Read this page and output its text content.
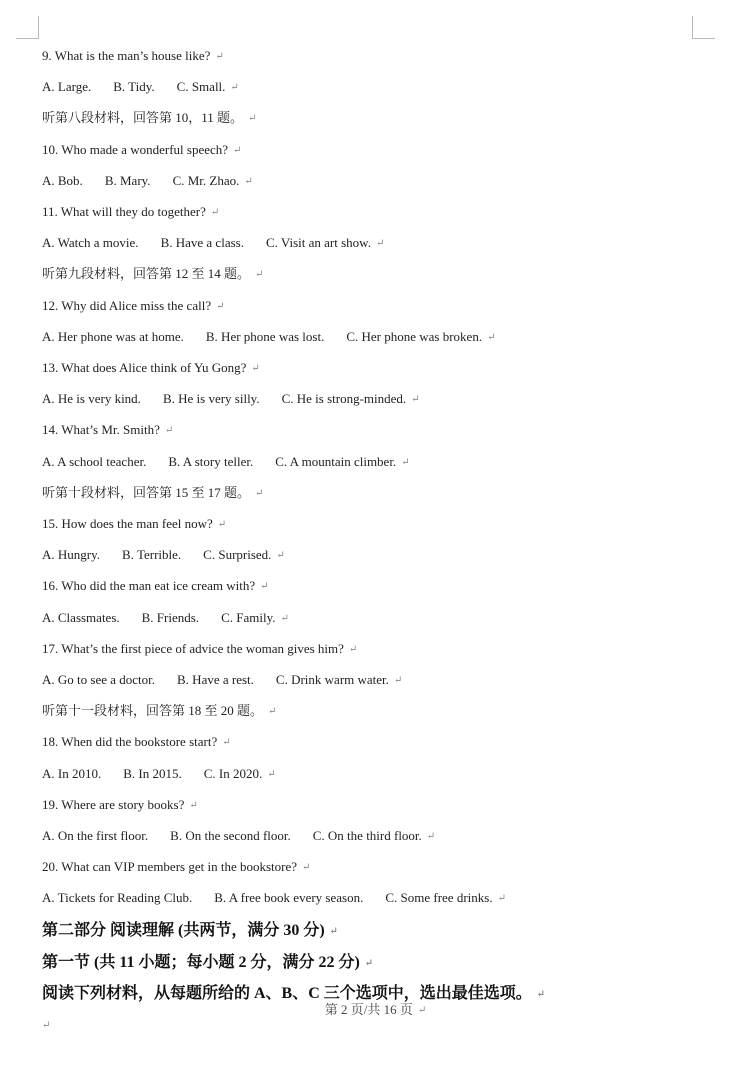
9. What is the man’s house like? ↵
A. Large. B. Tidy. C. Small. ↵
听第八段材料，回答第 10，11 题。 ↵
10. Who made a wonderful speech? ↵
A. Bob. B. Mary. C. Mr. Zhao. ↵
11. What will they do together? ↵
A. Watch a movie. B. Have a class. C. Visit an art show. ↵
听第九段材料，回答第 12 至 14 题。 ↵
12. Why did Alice miss the call? ↵
A. Her phone was at home. B. Her phone was lost. C. Her phone was broken. ↵
13. What does Alice think of Yu Gong? ↵
A. He is very kind. B. He is very silly. C. He is strong-minded. ↵
14. What’s Mr. Smith? ↵
A. A school teacher. B. A story teller. C. A mountain climber. ↵
听第十段材料，回答第 15 至 17 题。 ↵
15. How does the man feel now? ↵
A. Hungry. B. Terrible. C. Surprised. ↵
16. Who did the man eat ice cream with? ↵
A. Classmates. B. Friends. C. Family. ↵
17. What’s the first piece of advice the woman gives him? ↵
A. Go to see a doctor. B. Have a rest. C. Drink warm water. ↵
听第十一段材料，回答第 18 至 20 题。 ↵
18. When did the bookstore start? ↵
A. In 2010. B. In 2015. C. In 2020. ↵
19. Where are story books? ↵
A. On the first floor. B. On the second floor. C. On the third floor. ↵
20. What can VIP members get in the bookstore? ↵
A. Tickets for Reading Club. B. A free book every season. C. Some free drinks. ↵
第二部分 阅读理解 (共两节，满分 30 分) ↵
第一节 (共 11 小题；每小题 2 分，满分 22 分) ↵
阅读下列材料，从每题所给的 A、B、C 三个选项中，选出最佳选项。 ↵
第 2 页/共 16 页 ↵
↵
